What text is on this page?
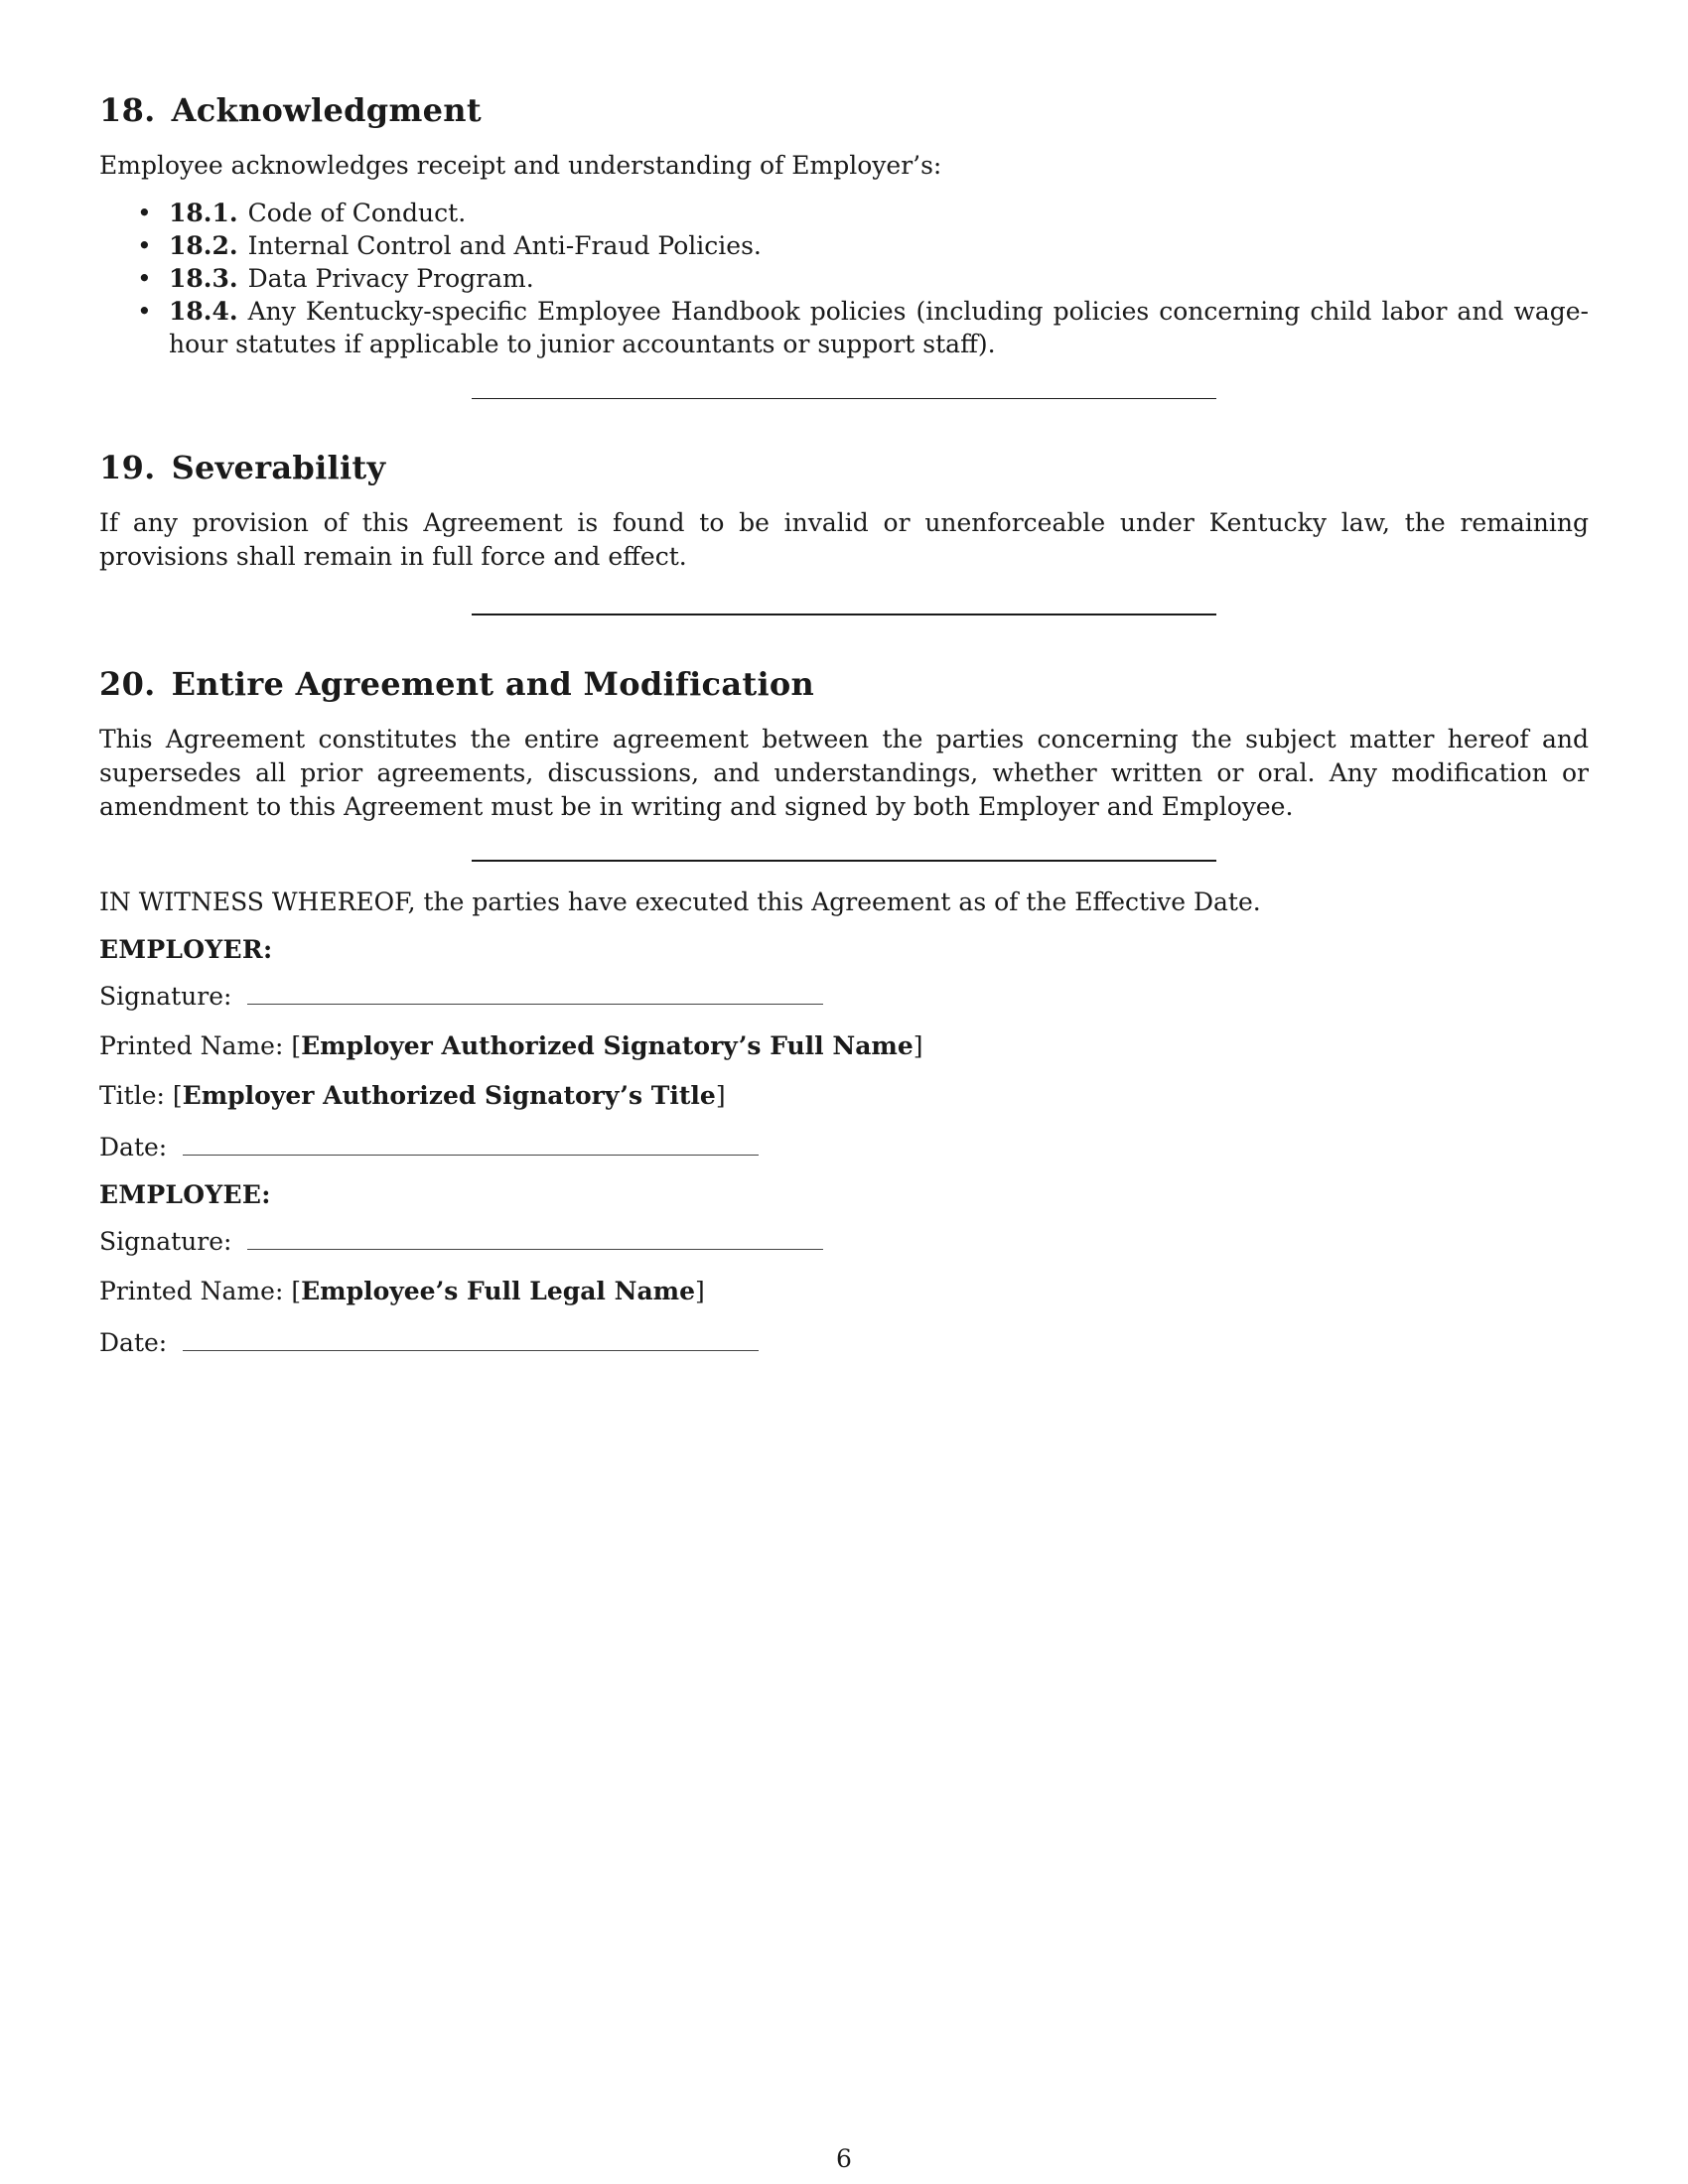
18. Acknowledgment

Employee acknowledges receipt and understanding of Employer’s:

• 18.1. Code of Conduct.
• 18.2. Internal Control and Anti-Fraud Policies.
• 18.3. Data Privacy Program.
• 18.4. Any Kentucky-specific Employee Handbook policies (including policies concerning child labor and wage-hour statutes if applicable to junior accountants or support staff).
19. Severability

If any provision of this Agreement is found to be invalid or unenforceable under Kentucky law, the remaining provisions shall remain in full force and effect.

20. Entire Agreement and Modification

This Agreement constitutes the entire agreement between the parties concerning the subject matter hereof and supersedes all prior agreements, discussions, and understandings, whether written or oral. Any modification or amendment to this Agreement must be in writing and signed by both Employer and Employee.

IN WITNESS WHEREOF, the parties have executed this Agreement as of the Effective Date.

EMPLOYER:
Signature:
Printed Name: [Employer Authorized Signatory’s Full Name]
Title: [Employer Authorized Signatory’s Title]
Date:
EMPLOYEE:
Signature:
Printed Name: [Employee’s Full Legal Name]
Date:
6
